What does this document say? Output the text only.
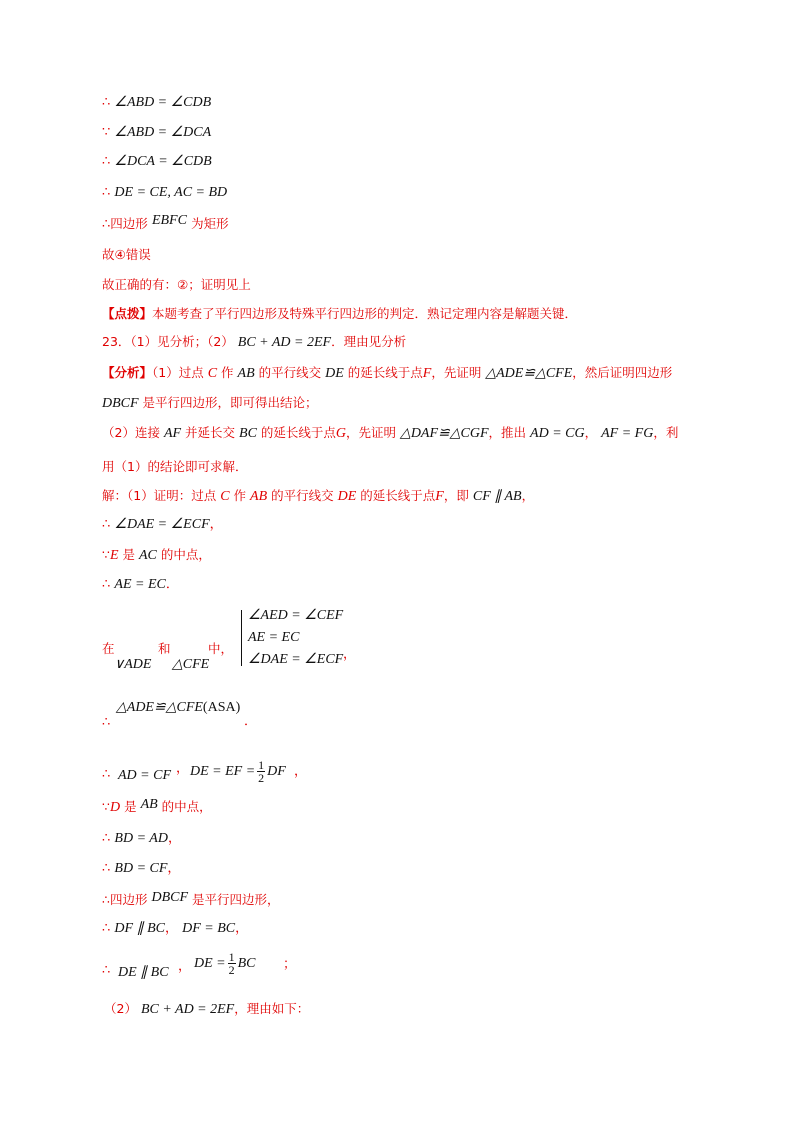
∴ ∠ABD = ∠CDB
∵ ∠ABD = ∠DCA
∴ ∠DCA = ∠CDB
∴ DE = CE, AC = BD
∴四边形 EBFC 为矩形
故④错误
故正确的有：②；证明见上
【点拨】本题考查了平行四边形及特殊平行四边形的判定．熟记定理内容是解题关键．
23．（1）见分析；（2） BC + AD = 2EF．理由见分析
【分析】（1）过点 C 作 AB 的平行线交 DE 的延长线于点F，先证明 △ADE≌△CFE，然后证明四边形
DBCF 是平行四边形，即可得出结论；
（2）连接 AF 并延长交 BC 的延长线于点G，先证明 △DAF≌△CGF，推出 AD = CG， AF = FG，利
用（1）的结论即可求解．
解：（1）证明：过点 C 作 AB 的平行线交 DE 的延长线于点F，即 CF ∥ AB，
∴ ∠DAE = ∠ECF，
∵E 是 AC 的中点，
∴ AE = EC．
在	和	中，
∨ADE △CFE
∠AED = ∠CEF
AE = EC
∠DAE = ∠ECF ，
∴
△ADE≌△CFE(ASA)
．
∴ AD = CF ， DE = EF = $\frac{1}{2}$ DF ，
∵D 是 AB 的中点，
∴ BD = AD，
∴ BD = CF，
∴四边形 DBCF 是平行四边形，
∴ DF ∥ BC， DF = BC，
∴ DE ∥ BC ， DE = $\frac{1}{2}$ BC ；
（2） BC + AD = 2EF，理由如下：
